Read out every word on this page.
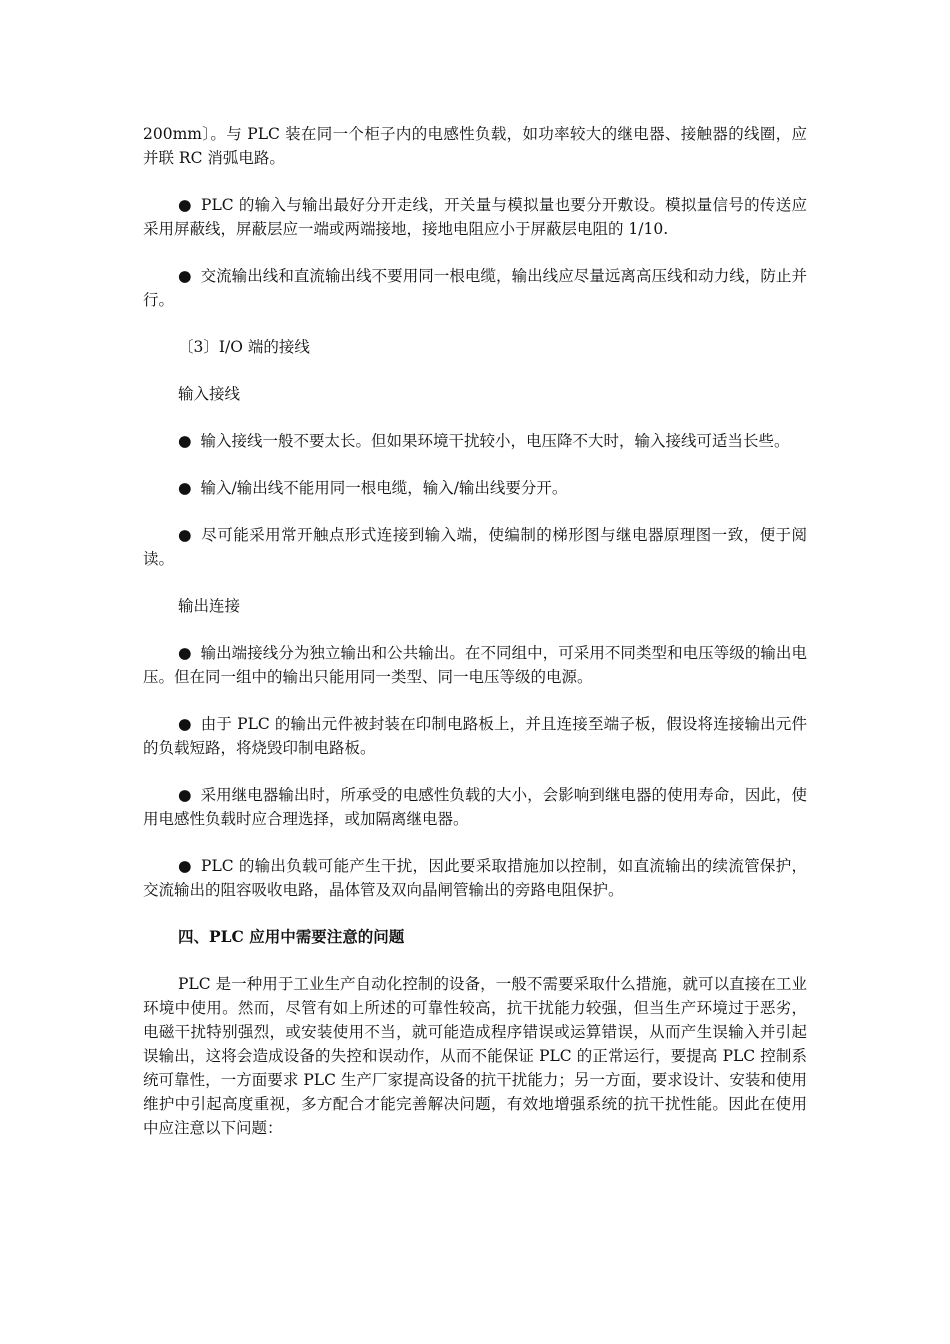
200mm〕。与 PLC 装在同一个柜子内的电感性负载，如功率较大的继电器、接触器的线圈，应并联 RC 消弧电路。

● PLC 的输入与输出最好分开走线，开关量与模拟量也要分开敷设。模拟量信号的传送应采用屏蔽线，屏蔽层应一端或两端接地，接地电阻应小于屏蔽层电阻的 1/10.

● 交流输出线和直流输出线不要用同一根电缆，输出线应尽量远离高压线和动力线，防止并行。

〔3〕I/O 端的接线

输入接线

● 输入接线一般不要太长。但如果环境干扰较小，电压降不大时，输入接线可适当长些。

● 输入/输出线不能用同一根电缆，输入/输出线要分开。

● 尽可能采用常开触点形式连接到输入端，使编制的梯形图与继电器原理图一致，便于阅读。

输出连接

● 输出端接线分为独立输出和公共输出。在不同组中，可采用不同类型和电压等级的输出电压。但在同一组中的输出只能用同一类型、同一电压等级的电源。

● 由于 PLC 的输出元件被封装在印制电路板上，并且连接至端子板，假设将连接输出元件的负载短路，将烧毁印制电路板。

● 采用继电器输出时，所承受的电感性负载的大小，会影响到继电器的使用寿命，因此，使用电感性负载时应合理选择，或加隔离继电器。

● PLC 的输出负载可能产生干扰，因此要采取措施加以控制，如直流输出的续流管保护，交流输出的阻容吸收电路，晶体管及双向晶闸管输出的旁路电阻保护。

四、PLC 应用中需要注意的问题

PLC 是一种用于工业生产自动化控制的设备，一般不需要采取什么措施，就可以直接在工业环境中使用。然而，尽管有如上所述的可靠性较高，抗干扰能力较强，但当生产环境过于恶劣，电磁干扰特别强烈，或安装使用不当，就可能造成程序错误或运算错误，从而产生误输入并引起误输出，这将会造成设备的失控和误动作，从而不能保证 PLC 的正常运行，要提高 PLC 控制系统可靠性，一方面要求 PLC 生产厂家提高设备的抗干扰能力；另一方面，要求设计、安装和使用维护中引起高度重视，多方配合才能完善解决问题，有效地增强系统的抗干扰性能。因此在使用中应注意以下问题：
